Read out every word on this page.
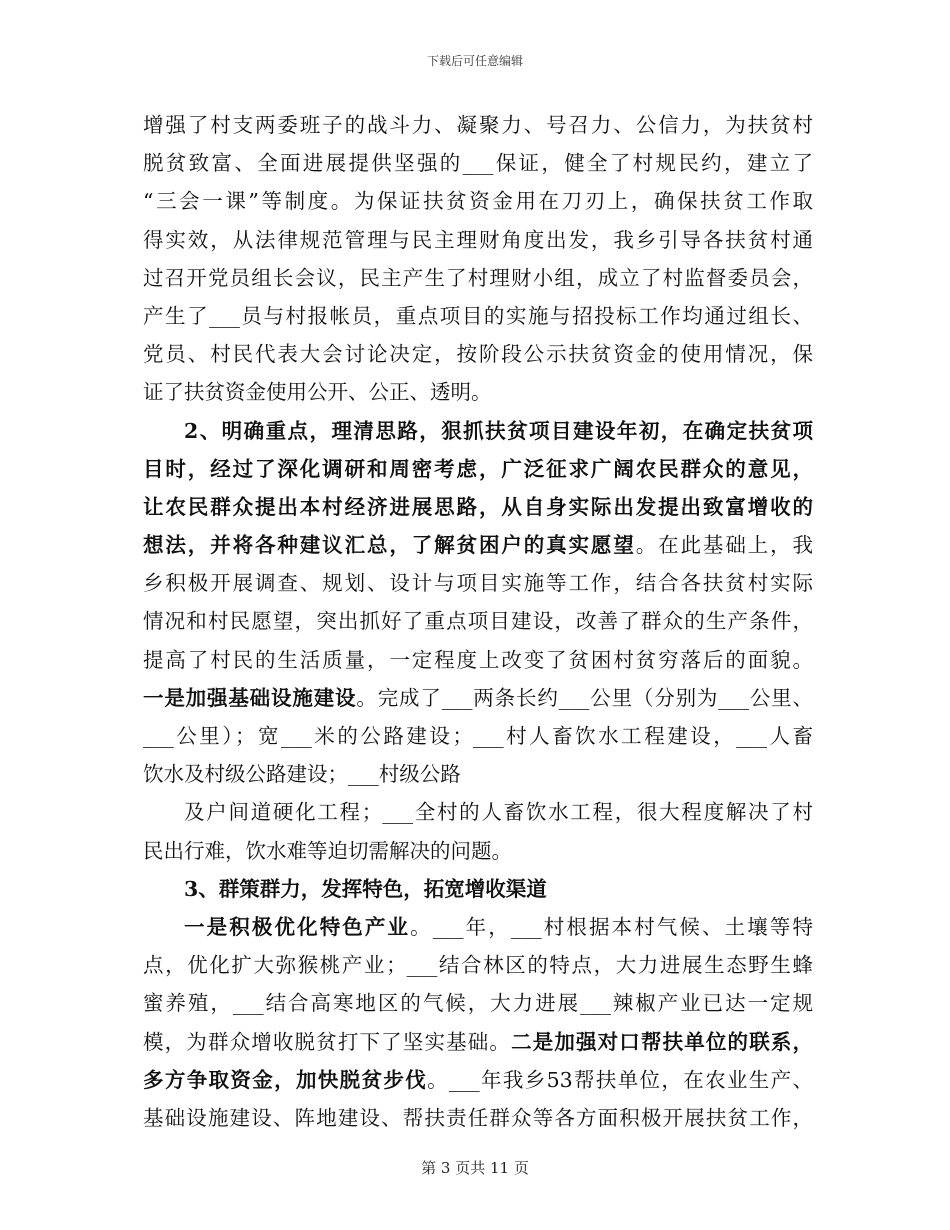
下载后可任意编辑
增强了村支两委班子的战斗力、凝聚力、号召力、公信力，为扶贫村
脱贫致富、全面进展提供坚强的___保证，健全了村规民约，建立了
“三会一课”等制度。为保证扶贫资金用在刀刃上，确保扶贫工作取
得实效，从法律规范管理与民主理财角度出发，我乡引导各扶贫村通
过召开党员组长会议，民主产生了村理财小组，成立了村监督委员会，
产生了___员与村报帐员，重点项目的实施与招投标工作均通过组长、
党员、村民代表大会讨论决定，按阶段公示扶贫资金的使用情况，保
证了扶贫资金使用公开、公正、透明。
2、明确重点，理清思路，狠抓扶贫项目建设年初，在确定扶贫项
目时，经过了深化调研和周密考虑，广泛征求广阔农民群众的意见，
让农民群众提出本村经济进展思路，从自身实际出发提出致富增收的
想法，并将各种建议汇总，了解贫困户的真实愿望。在此基础上，我
乡积极开展调查、规划、设计与项目实施等工作，结合各扶贫村实际
情况和村民愿望，突出抓好了重点项目建设，改善了群众的生产条件，
提高了村民的生活质量，一定程度上改变了贫困村贫穷落后的面貌。
一是加强基础设施建设。完成了___两条长约___公里（分别为___公里、
___公里）；宽___米的公路建设；___村人畜饮水工程建设，___人畜
饮水及村级公路建设；___村级公路
及户间道硬化工程；___全村的人畜饮水工程，很大程度解决了村
民出行难，饮水难等迫切需解决的问题。
3、群策群力，发挥特色，拓宽增收渠道
一是积极优化特色产业。___年，___村根据本村气候、土壤等特
点，优化扩大弥猴桃产业；___结合林区的特点，大力进展生态野生蜂
蜜养殖，___结合高寒地区的气候，大力进展___辣椒产业已达一定规
模，为群众增收脱贫打下了坚实基础。二是加强对口帮扶单位的联系，
多方争取资金，加快脱贫步伐。___年我乡53帮扶单位，在农业生产、
基础设施建设、阵地建设、帮扶责任群众等各方面积极开展扶贫工作，
第 3 页共 11 页
